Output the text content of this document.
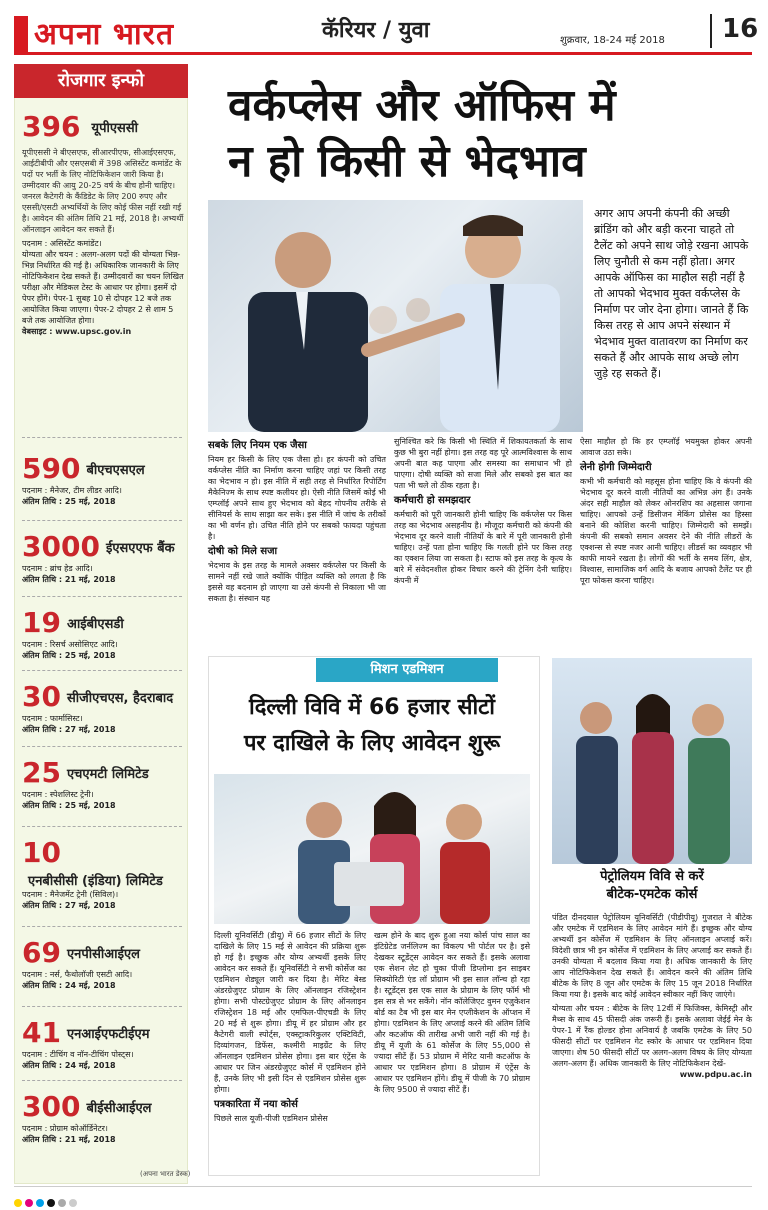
अपना भारत	कॅरियर / युवा	शुक्रवार, 18-24 मई 2018 16
रोजगार इन्फो
396 यूपीएससी
यूपीएससी ने बीएसएफ, सीआरपीएफ, सीआईएसएफ, आईटीबीपी और एसएसबी में 398 असिस्टेंट कमांडेंट के पदों पर भर्ती के लिए नोटिफिकेशन जारी किया है। उम्मीदवार की आयु 20-25 वर्ष के बीच होनी चाहिए। जनरल कैटेगरी के कैंडिडेट के लिए 200 रुपए और एससी/एसटी अभ्यर्थियों के लिए कोई फीस नहीं रखी गई है। आवेदन की अंतिम तिथि 21 मई, 2018 है। अभ्यर्थी ऑनलाइन आवेदन कर सकते हैं।
पदनाम : असिस्टेंट कमांडेंट।
योग्यता और चयन : अलग-अलग पदों की योग्यता भिन्न-भिन्न निर्धारित की गई है। अधिकारिक जानकारी के लिए नोटिफिकेशन देख सकते हैं। उम्मीदवारों का चयन लिखित परीक्षा और मेडिकल टेस्ट के आधार पर होगा। इसमें दो पेपर होंगे। पेपर-1 सुबह 10 से दोपहर 12 बजे तक आयोजित किया जाएगा। पेपर-2 दोपहर 2 से शाम 5 बजे तक आयोजित होगा।
वेबसाइट : www.upsc.gov.in
590 बीएचएसएल
पदनाम : मैनेजर, टीम लीडर आदि।
अंतिम तिथि : 25 मई, 2018
3000 ईएसएएफ बैंक
पदनाम : ब्रांच हेड आदि।
अंतिम तिथि : 21 मई, 2018
19 आईबीएसडी
पदनाम : रिसर्च असोसिएट आदि।
अंतिम तिथि : 25 मई, 2018
30 सीजीएचएस, हैदराबाद
पदनाम : फार्मासिस्ट।
अंतिम तिथि : 27 मई, 2018
25 एचएमटी लिमिटेड
पदनाम : स्पेशलिस्ट ट्रेनी।
अंतिम तिथि : 25 मई, 2018
10एनबीसीसी (इंडिया) लिमिटेड
पदनाम : मैनेजमेंट ट्रेनी (सिविल)।
अंतिम तिथि : 27 मई, 2018
69 एनपीसीआईएल
पदनाम : नर्स, फैथोलॉजी एसटी आदि।
अंतिम तिथि : 24 मई, 2018
41 एनआईएफटीईएम
पदनाम : टीचिंग व नॉन-टीचिंग पोस्ट्स।
अंतिम तिथि : 24 मई, 2018
300 बीईसीआईएल
पदनाम : प्रोग्राम कोऑर्डिनेटर।
अंतिम तिथि : 21 मई, 2018
(अपना भारत डेस्क)
वर्कप्लेस और ऑफिस में
न हो किसी से भेदभाव
अगर आप अपनी कंपनी की अच्छी ब्रांडिंग को और बड़ी करना चाहते तो टैलेंट को अपने साथ जोड़े रखना आपके लिए चुनौती से कम नहीं होता। अगर आपके ऑफिस का माहौल सही नहीं है तो आपको भेदभाव मुक्त वर्कप्लेस के निर्माण पर जोर देना होगा। जानते हैं कि किस तरह से आप अपने संस्थान में भेदभाव मुक्त वातावरण का निर्माण कर सकते हैं और आपके साथ अच्छे लोग जुड़े रह सकते हैं।
सबके लिए नियम एक जैसा
नियम हर किसी के लिए एक जैसा हो। हर कंपनी को उचित वर्कप्लेस नीति का निर्माण करना चाहिए जहां पर किसी तरह का भेदभाव न हो। इस नीति में सही तरह से निर्धारित रिपोर्टिंग मैकेनिज्म के साथ स्पष्ट कलीयर हो। ऐसी नीति जिसमें कोई भी एम्प्लॉई अपने साथ हुए भेदभाव को बेहद गोपनीय तरीके से सीनियर्स के साथ साझा कर सके। इस नीति में जांच के तरीकों का भी वर्णन हो। उचित नीति होने पर सबको फायदा पहुंचता है।
दोषी को मिले सजा
भेदभाव के इस तरह के मामले अक्सर वर्कप्लेस पर किसी के सामने नहीं रखे जाते क्योंकि पीड़ित व्यक्ति को लगता है कि इससे वह बदनाम हो जाएगा या उसे कंपनी से निकाला भी जा सकता है। संस्थान यह
सुनिश्चित करे कि किसी भी स्थिति में शिकायतकर्ता के साथ कुछ भी बुरा नहीं होगा। इस तरह वह पूरे आत्मविश्वास के साथ अपनी बात कह पाएगा और समस्या का समाधान भी हो पाएगा। दोषी व्यक्ति को सजा मिले और सबको इस बात का पता भी चले तो ठीक रहता है।
कर्मचारी हो समझदार
कर्मचारी को पूरी जानकारी होनी चाहिए कि वर्कप्लेस पर किस तरह का भेदभाव असहनीय है। मौजूदा कर्मचारी को कंपनी की भेदभाव दूर करने वाली नीतियों के बारे में पूरी जानकारी होनी चाहिए। उन्हें पता होना चाहिए कि गलती होने पर किस तरह का एक्शन लिया जा सकता है। स्टाफ को इस तरह के कृत्य के बारे में संवेदनशील होकर विचार करने की ट्रेनिंग देनी चाहिए। कंपनी में
ऐसा माहौल हो कि हर एम्प्लॉई भयमुक्त होकर अपनी आवाज उठा सके।
लेनी होगी जिम्मेदारी
कभी भी कर्मचारी को महसूस होना चाहिए कि वे कंपनी की भेदभाव दूर करने वाली नीतियों का अभिन्न अंग हैं। उनके अंदर सही माहौल को लेकर ओनरशिप का अहसास जगाना चाहिए। आपको उन्हें डिसीजन मेकिंग प्रोसेस का हिस्सा बनाने की कोशिश करनी चाहिए। जिम्मेदारी को समझें। कंपनी की सबको समान अवसर देने की नीति लीडरों के एक्शन्स से स्पष्ट नजर आनी चाहिए। लीडर्स का व्यवहार भी काफी मायने रखता है। लोगों की भर्ती के समय लिंग, क्षेत्र, विश्वास, सामाजिक वर्ग आदि के बजाय आपको टैलेंट पर ही पूरा फोकस करना चाहिए।
मिशन एडमिशन
दिल्ली विवि में 66 हजार सीटों
पर दाखिले के लिए आवेदन शुरू
दिल्ली यूनिवर्सिटी (डीयू) में 66 हजार सीटों के लिए दाखिले के लिए 15 मई से आवेदन की प्रक्रिया शुरू हो गई है। इच्छुक और योग्य अभ्यर्थी इसके लिए आवेदन कर सकते हैं। यूनिवर्सिटी ने सभी कोर्सेज का एडमिशन शेड्यूल जारी कर दिया है। मेरिट बेस्ड अंडरग्रेजुएट प्रोग्राम के लिए ऑनलाइन रजिस्ट्रेशन होगा। सभी पोस्टग्रेजुएट प्रोग्राम के लिए ऑनलाइन रजिस्ट्रेशन 18 मई और एमफिल-पीएचडी के लिए 20 मई से शुरू होगा। डीयू में हर प्रोग्राम और हर कैटेगरी वाली स्पोर्ट्स, एक्स्ट्राकरिकुलर एक्टिविटी, दिव्यांगजन, डिफेंस, कश्मीरी माइग्रेंट के लिए ऑनलाइन एडमिशन प्रोसेस होगा। इस बार एंट्रेंस के आधार पर जिन अंडरग्रेजुएट कोर्स में एडमिशन होने हैं, उनके लिए भी इसी दिन से एडमिशन प्रोसेस शुरू होगा।
पत्रकारिता में नया कोर्स
पिछले साल यूजी-पीजी एडमिशन प्रोसेस
खत्म होने के बाद शुरू हुआ नया कोर्स पांच साल का इंटिग्रेटेड जर्नलिज्म का विकल्प भी पोर्टल पर है। इसे देखकर स्टूडेंट्स आवेदन कर सकते हैं। इसके अलावा एक सेशन लेट हो चुका पीजी डिप्लोमा इन साइबर सिक्योरिटी एंड लॉ प्रोग्राम भी इस साल लॉन्च हो रहा है। स्टूडेंट्स इस एक साल के प्रोग्राम के लिए फॉर्म भी इस सत्र से भर सकेंगे। नॉन कॉलेजिएट वुमन एजुकेशन बोर्ड का टैब भी इस बार मेन एप्लीकेशन के ऑप्शन में होगा। एडमिशन के लिए अप्लाई करने की अंतिम तिथि और कटऑफ की तारीख अभी जारी नहीं की गई है। डीयू में यूजी के 61 कोर्सेज के लिए 55,000 से ज्यादा सीटें हैं। 53 प्रोग्राम में मेरिट यानी कटऑफ के आधार पर एडमिशन होगा। 8 प्रोग्राम में एंट्रेंस के आधार पर एडमिशन होंगे। डीयू में पीजी के 70 प्रोग्राम के लिए 9500 से ज्यादा सीटें हैं।
पेट्रोलियम विवि से करें
बीटेक-एमटेक कोर्स
पंडित दीनदयाल पेट्रोलियम यूनिवर्सिटी (पीडीपीयू) गुजरात ने बीटेक और एमटेक में एडमिशन के लिए आवेदन मांगे हैं। इच्छुक और योग्य अभ्यर्थी इन कोर्सेज में एडमिशन के लिए ऑनलाइन अप्लाई करें। विदेशी छात्र भी इन कोर्सेज में एडमिशन के लिए अप्लाई कर सकते हैं। उनकी योग्यता में बदलाव किया गया है। अधिक जानकारी के लिए आप नोटिफिकेशन देख सकते हैं। आवेदन करने की अंतिम तिथि बीटेक के लिए 8 जून और एमटेक के लिए 15 जून 2018 निर्धारित किया गया है। इसके बाद कोई आवेदन स्वीकार नहीं किए जाएंगे।
योग्यता और चयन : बीटेक के लिए 12वीं में फिजिक्स, केमिस्ट्री और मैथ्स के साथ 45 फीसदी अंक जरूरी हैं। इसके अलावा जेईई मेन के पेपर-1 में रैंक होल्डर होना अनिवार्य है जबकि एमटेक के लिए 50 फीसदी सीटों पर एडमिशन गेट स्कोर के आधार पर एडमिशन दिया जाएगा। शेष 50 फीसदी सीटों पर अलग-अलग विषय के लिए योग्यता अलग-अलग हैं। अधिक जानकारी के लिए नोटिफिकेशन देखें-
www.pdpu.ac.in
